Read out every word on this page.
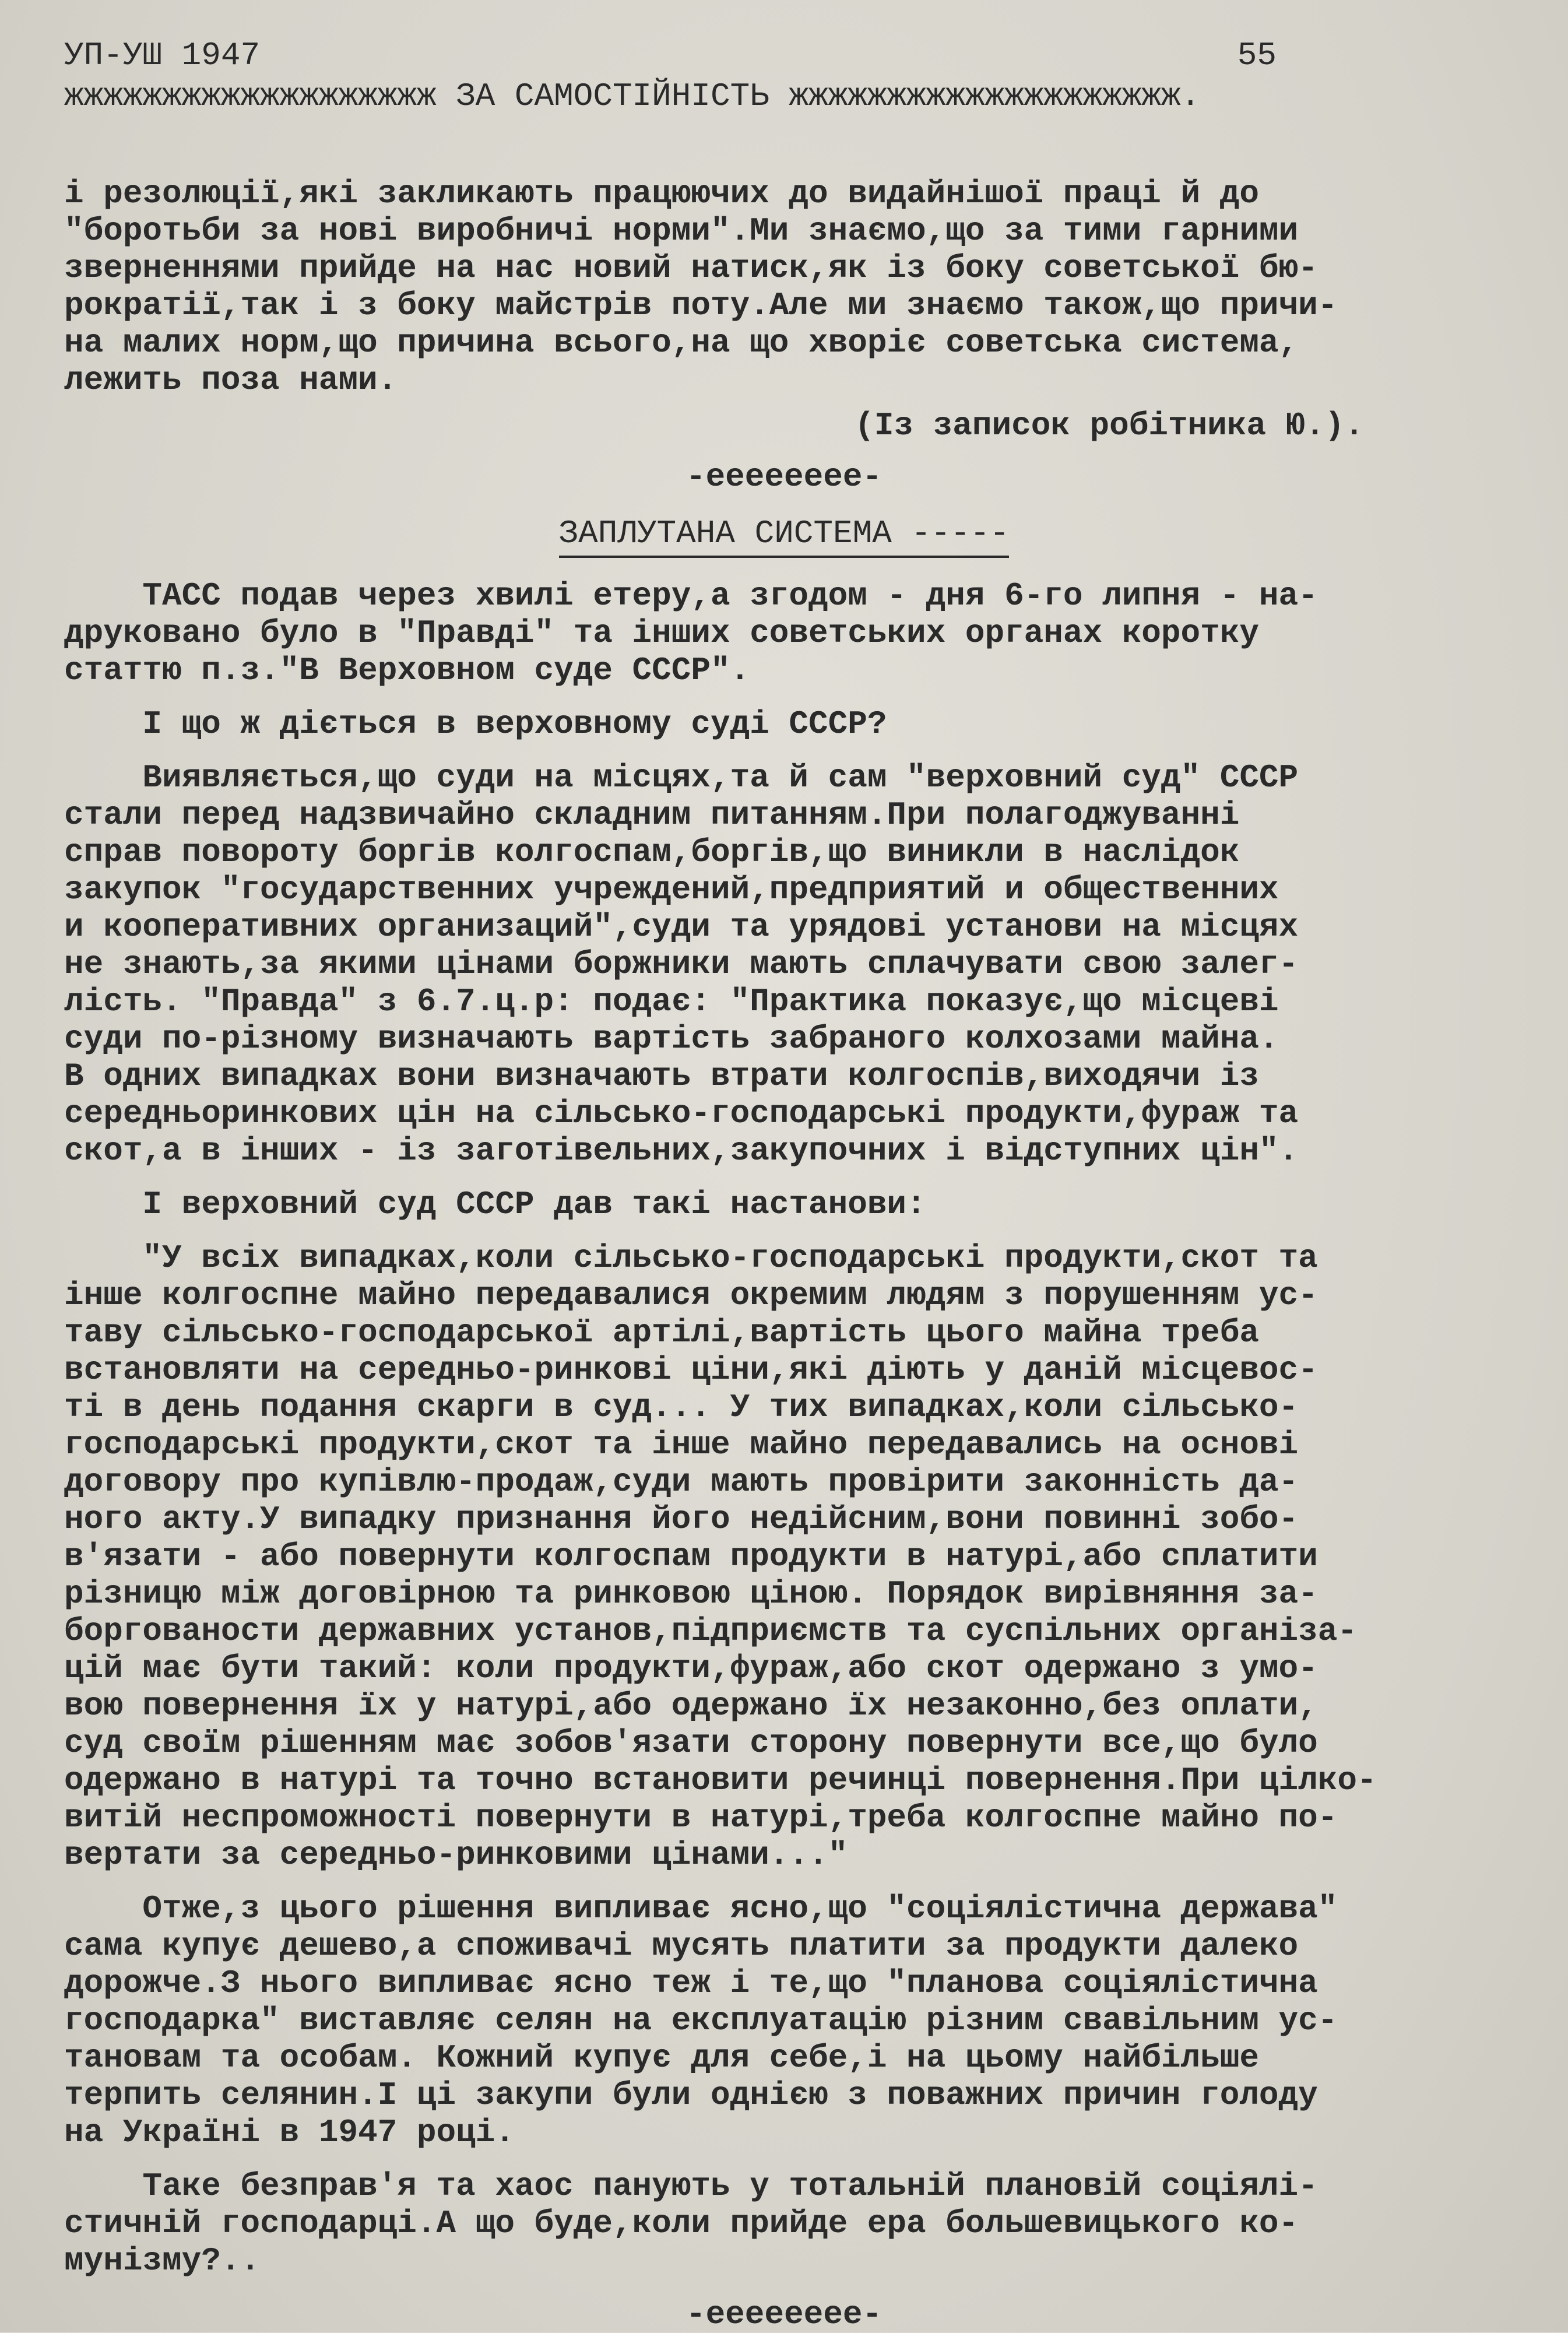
УП-УШ 1947	55
жжжжжжжжжжжжжжжжжжж ЗА САМОСТІЙНІСТЬ жжжжжжжжжжжжжжжжжжжж.
і резолюції,які закликають працюючих до видайнішої праці й до
"боротьби за нові виробничі норми".Ми знаємо,що за тими гарними
зверненнями прийде на нас новий натиск,як із боку советської бю-
рократії,так і з боку майстрів поту.Але ми знаємо також,що причи-
на малих норм,що причина всього,на що хворіє советська система,
лежить поза нами.
(Із записок робітника Ю.).
-ееееееее-
ЗАПЛУТАНА СИСТЕМА -----
ТАСС подав через хвилі етеру,а згодом - дня 6-го липня - на-
друковано було в "Правді" та інших советських органах коротку
статтю п.з."В Верховном суде СССР".
І що ж діється в верховному суді СССР?
Виявляється,що суди на місцях,та й сам "верховний суд" СССР
стали перед надзвичайно складним питанням.При полагоджуванні
справ повороту боргів колгоспам,боргів,що виникли в наслідок
закупок "государственних учреждений,предприятий и общественних
и кооперативних организаций",суди та урядові установи на місцях
не знають,за якими цінами боржники мають сплачувати свою залег-
лість. "Правда" з 6.7.ц.р: подає: "Практика показує,що місцеві
суди по-різному визначають вартість забраного колхозами майна.
В одних випадках вони визначають втрати колгоспів,виходячи із
середньоринкових цін на сільсько-господарські продукти,фураж та
скот,а в інших - із заготівельних,закупочних і відступних цін".
І верховний суд СССР дав такі настанови:
"У всіх випадках,коли сільсько-господарські продукти,скот та
інше колгоспне майно передавалися окремим людям з порушенням ус-
таву сільсько-господарської артілі,вартість цього майна треба
встановляти на середньо-ринкові ціни,які діють у даній місцевос-
ті в день подання скарги в суд... У тих випадках,коли сільсько-
господарські продукти,скот та інше майно передавались на основі
договору про купівлю-продаж,суди мають провірити законність да-
ного акту.У випадку признання його недійсним,вони повинні зобо-
в'язати - або повернути колгоспам продукти в натурі,або сплатити
різницю між договірною та ринковою ціною. Порядок вирівняння за-
боргованости державних установ,підприємств та суспільних організа-
цій має бути такий: коли продукти,фураж,або скот одержано з умо-
вою повернення їх у натурі,або одержано їх незаконно,без оплати,
суд своїм рішенням має зобов'язати сторону повернути все,що було
одержано в натурі та точно встановити речинці повернення.При цілко-
витій неспроможності повернути в натурі,треба колгоспне майно по-
вертати за середньо-ринковими цінами..."
Отже,з цього рішення випливає ясно,що "соціялістична держава"
сама купує дешево,а споживачі мусять платити за продукти далеко
дорожче.З нього випливає ясно теж і те,що "планова соціялістична
господарка" виставляє селян на експлуатацію різним свавільним ус-
тановам та особам. Кожний купує для себе,і на цьому найбільше
терпить селянин.І ці закупи були однією з поважних причин голоду
на Україні в 1947 році.
Таке безправ'я та хаос панують у тотальній плановій соціялі-
стичній господарці.А що буде,коли прийде ера большевицького ко-
мунізму?..
-ееееееее-
